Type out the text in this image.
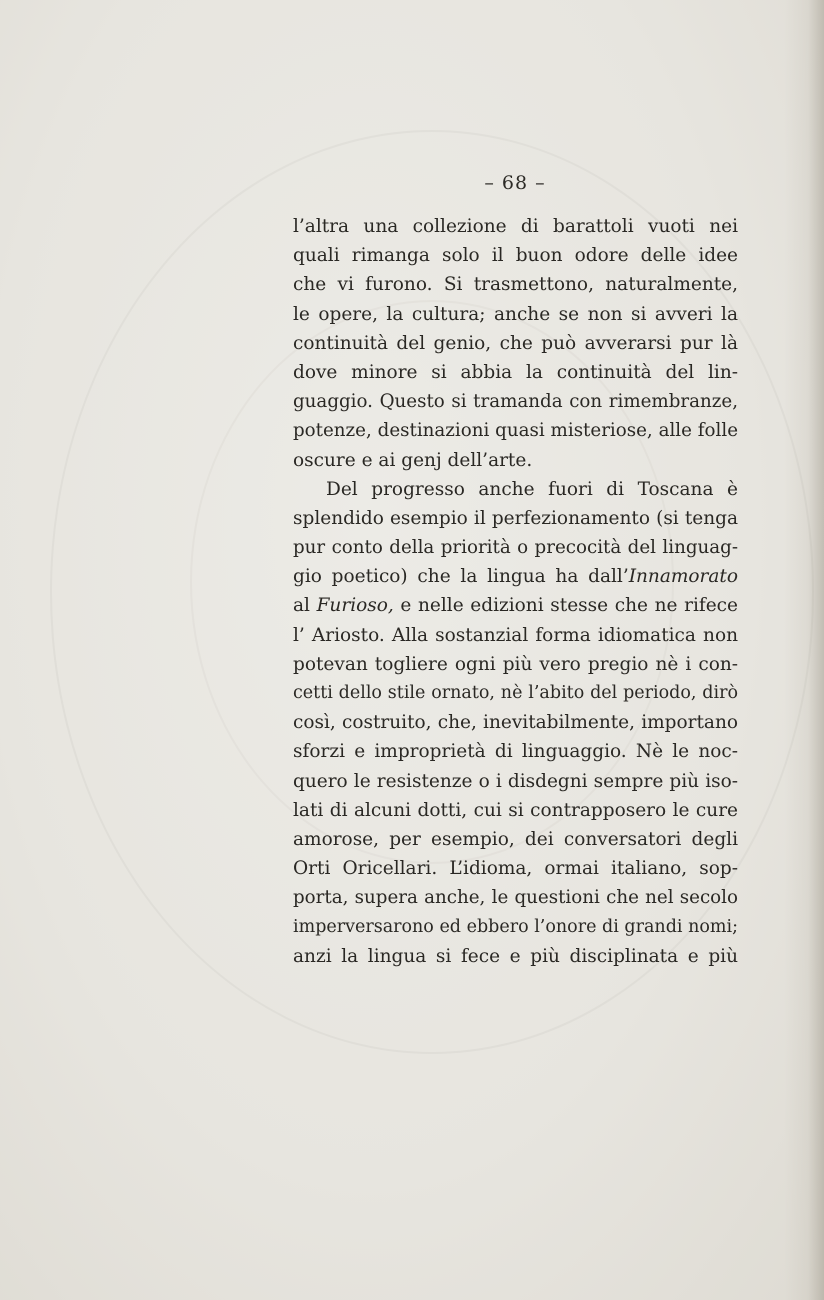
– 68 –
l’altra una collezione di barattoli vuoti nei
quali rimanga solo il buon odore delle idee
che vi furono. Si trasmettono, naturalmente,
le opere, la cultura; anche se non si avveri la
continuità del genio, che può avverarsi pur là
dove minore si abbia la continuità del lin-
guaggio. Questo si tramanda con rimembranze,
potenze, destinazioni quasi misteriose, alle folle
oscure e ai genj dell’arte.
Del progresso anche fuori di Toscana è
splendido esempio il perfezionamento (si tenga
pur conto della priorità o precocità del linguag-
gio poetico) che la lingua ha dall’Innamorato
al Furioso, e nelle edizioni stesse che ne rifece
l’ Ariosto. Alla sostanzial forma idiomatica non
potevan togliere ogni più vero pregio nè i con-
cetti dello stile ornato, nè l’abito del periodo, dirò
così, costruito, che, inevitabilmente, importano
sforzi e improprietà di linguaggio. Nè le noc-
quero le resistenze o i disdegni sempre più iso-
lati di alcuni dotti, cui si contrapposero le cure
amorose, per esempio, dei conversatori degli
Orti Oricellari. L’idioma, ormai italiano, sop-
porta, supera anche, le questioni che nel secolo
imperversarono ed ebbero l’onore di grandi nomi;
anzi la lingua si fece e più disciplinata e più
